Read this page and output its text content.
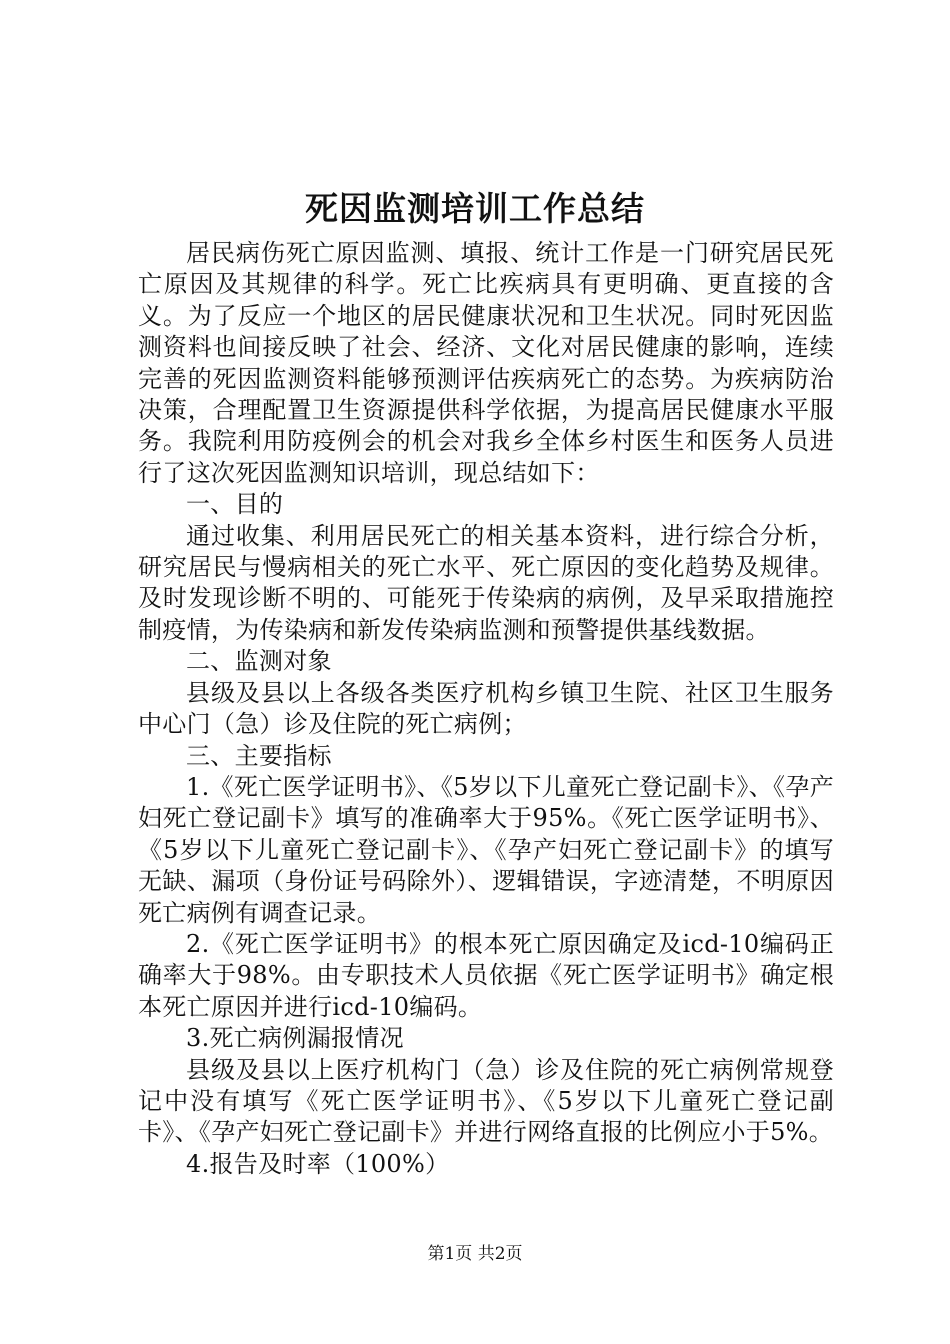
死因监测培训工作总结

居民病伤死亡原因监测、填报、统计工作是一门研究居民死亡原因及其规律的科学。死亡比疾病具有更明确、更直接的含义。为了反应一个地区的居民健康状况和卫生状况。同时死因监测资料也间接反映了社会、经济、文化对居民健康的影响，连续完善的死因监测资料能够预测评估疾病死亡的态势。为疾病防治决策，合理配置卫生资源提供科学依据，为提高居民健康水平服务。我院利用防疫例会的机会对我乡全体乡村医生和医务人员进行了这次死因监测知识培训，现总结如下：

一、目的

通过收集、利用居民死亡的相关基本资料，进行综合分析，研究居民与慢病相关的死亡水平、死亡原因的变化趋势及规律。及时发现诊断不明的、可能死于传染病的病例，及早采取措施控制疫情，为传染病和新发传染病监测和预警提供基线数据。

二、监测对象

县级及县以上各级各类医疗机构乡镇卫生院、社区卫生服务中心门（急）诊及住院的死亡病例；

三、主要指标

1.《死亡医学证明书》、《5岁以下儿童死亡登记副卡》、《孕产妇死亡登记副卡》填写的准确率大于95%。《死亡医学证明书》、《5岁以下儿童死亡登记副卡》、《孕产妇死亡登记副卡》的填写无缺、漏项（身份证号码除外）、逻辑错误，字迹清楚，不明原因死亡病例有调查记录。

2.《死亡医学证明书》的根本死亡原因确定及icd-10编码正确率大于98%。由专职技术人员依据《死亡医学证明书》确定根本死亡原因并进行icd-10编码。

3.死亡病例漏报情况

县级及县以上医疗机构门（急）诊及住院的死亡病例常规登记中没有填写《死亡医学证明书》、《5岁以下儿童死亡登记副卡》、《孕产妇死亡登记副卡》并进行网络直报的比例应小于5%。

4.报告及时率（100%）

第1页 共2页
